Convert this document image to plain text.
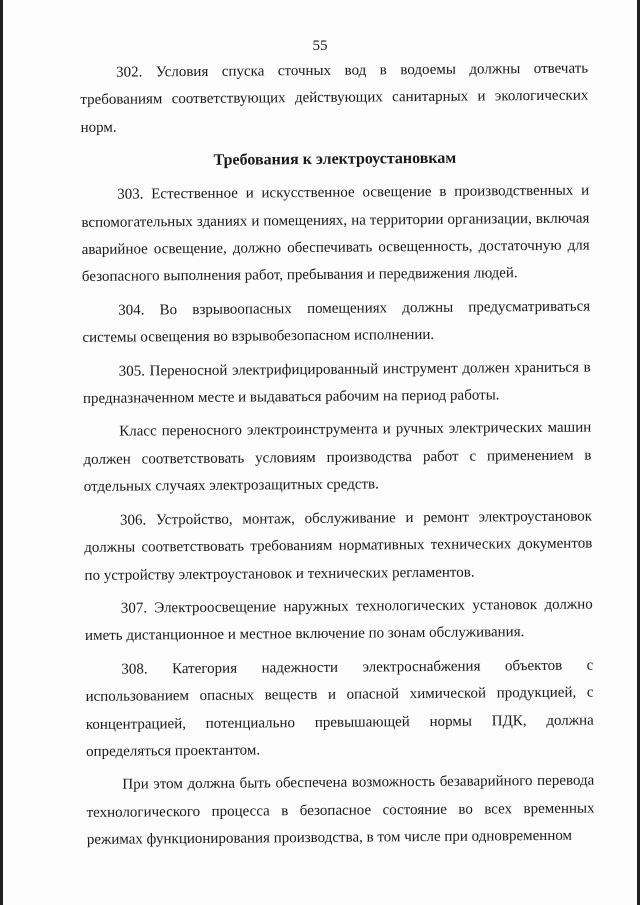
55

302. Условия спуска сточных вод в водоемы должны отвечать требованиям соответствующих действующих санитарных и экологических норм.

Требования к электроустановкам

303. Естественное и искусственное освещение в производственных и вспомогательных зданиях и помещениях, на территории организации, включая аварийное освещение, должно обеспечивать освещенность, достаточную для безопасного выполнения работ, пребывания и передвижения людей.

304. Во взрывоопасных помещениях должны предусматриваться системы освещения во взрывобезопасном исполнении.

305. Переносной электрифицированный инструмент должен храниться в предназначенном месте и выдаваться рабочим на период работы.

Класс переносного электроинструмента и ручных электрических машин должен соответствовать условиям производства работ с применением в отдельных случаях электрозащитных средств.

306. Устройство, монтаж, обслуживание и ремонт электроустановок должны соответствовать требованиям нормативных технических документов по устройству электроустановок и технических регламентов.

307. Электроосвещение наружных технологических установок должно иметь дистанционное и местное включение по зонам обслуживания.

308. Категория надежности электроснабжения объектов с использованием опасных веществ и опасной химической продукцией, с концентрацией, потенциально превышающей нормы ПДК, должна определяться проектантом.

При этом должна быть обеспечена возможность безаварийного перевода технологического процесса в безопасное состояние во всех временных режимах функционирования производства, в том числе при одновременном
